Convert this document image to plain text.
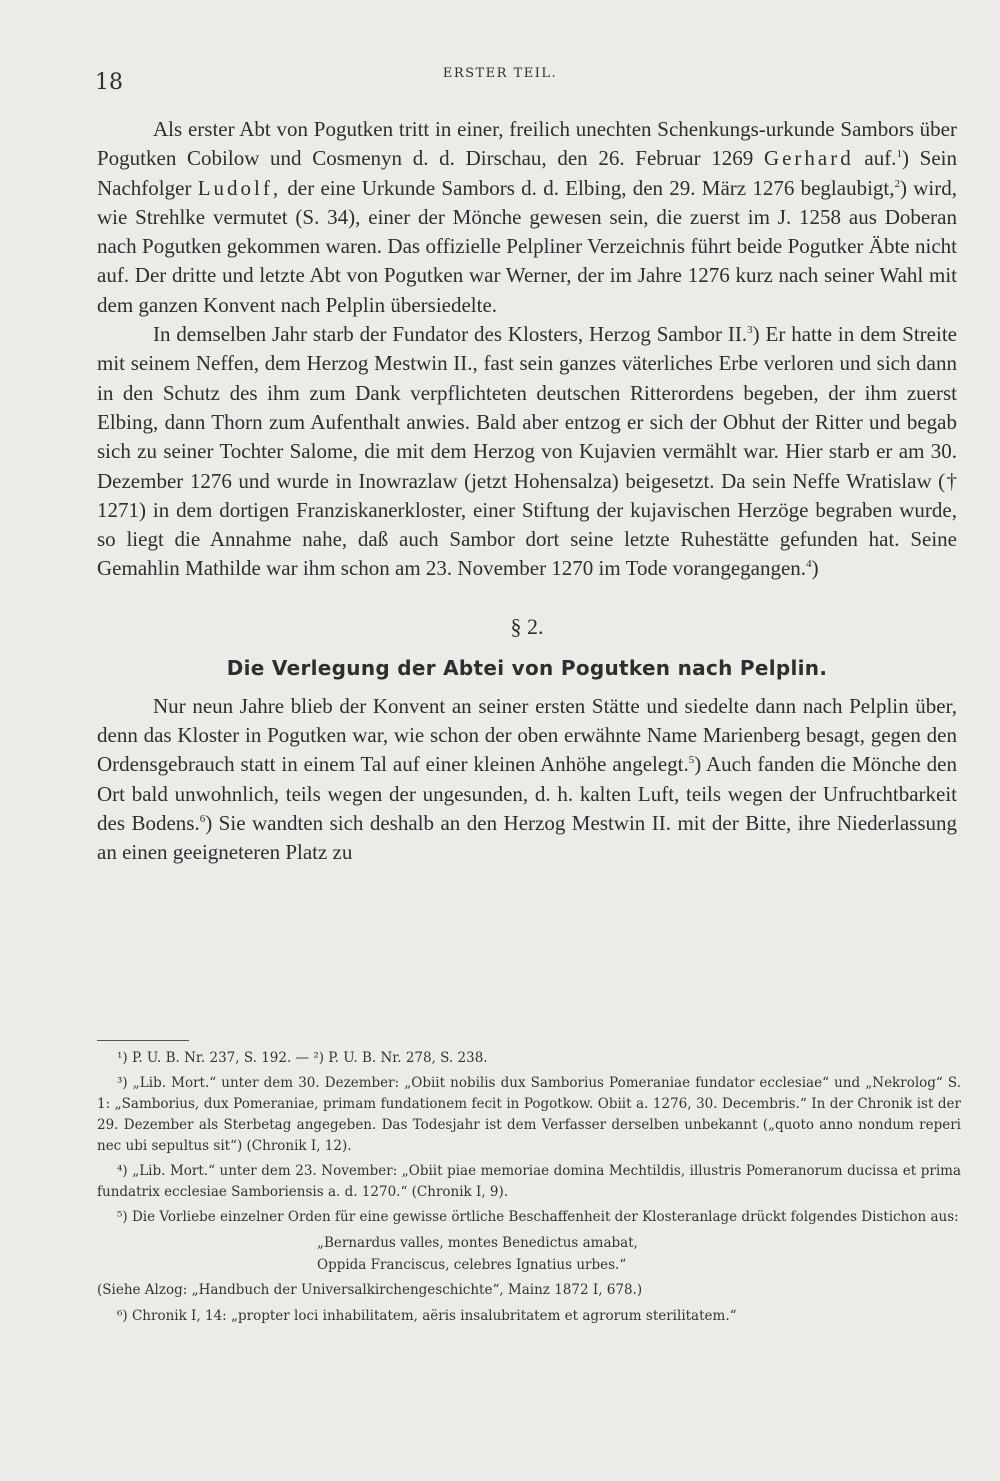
18	ERSTER TEIL.

Als erster Abt von Pogutken tritt in einer, freilich unechten Schenkungs-urkunde Sambors über Pogutken Cobilow und Cosmenyn d. d. Dirschau, den 26. Februar 1269 Gerhard auf.$^1$) Sein Nachfolger Ludolf, der eine Urkunde Sambors d. d. Elbing, den 29. März 1276 beglaubigt,$^2$) wird, wie Strehlke vermutet (S. 34), einer der Mönche gewesen sein, die zuerst im J. 1258 aus Doberan nach Pogutken gekommen waren. Das offizielle Pelpliner Verzeichnis führt beide Pogutker Äbte nicht auf. Der dritte und letzte Abt von Pogutken war Werner, der im Jahre 1276 kurz nach seiner Wahl mit dem ganzen Konvent nach Pelplin übersiedelte.

In demselben Jahr starb der Fundator des Klosters, Herzog Sambor II.$^3$) Er hatte in dem Streite mit seinem Neffen, dem Herzog Mestwin II., fast sein ganzes väterliches Erbe verloren und sich dann in den Schutz des ihm zum Dank verpflichteten deutschen Ritterordens begeben, der ihm zuerst Elbing, dann Thorn zum Aufenthalt anwies. Bald aber entzog er sich der Obhut der Ritter und begab sich zu seiner Tochter Salome, die mit dem Herzog von Kujavien vermählt war. Hier starb er am 30. Dezember 1276 und wurde in Inowrazlaw (jetzt Hohensalza) beigesetzt. Da sein Neffe Wratislaw († 1271) in dem dortigen Franziskanerkloster, einer Stiftung der kujavischen Herzöge begraben wurde, so liegt die Annahme nahe, daß auch Sambor dort seine letzte Ruhestätte gefunden hat. Seine Gemahlin Mathilde war ihm schon am 23. November 1270 im Tode vorangegangen.$^4$)

§ 2.
Die Verlegung der Abtei von Pogutken nach Pelplin.

Nur neun Jahre blieb der Konvent an seiner ersten Stätte und siedelte dann nach Pelplin über, denn das Kloster in Pogutken war, wie schon der oben erwähnte Name Marienberg besagt, gegen den Ordensgebrauch statt in einem Tal auf einer kleinen Anhöhe angelegt.$^5$) Auch fanden die Mönche den Ort bald unwohnlich, teils wegen der ungesunden, d. h. kalten Luft, teils wegen der Unfruchtbarkeit des Bodens.$^6$) Sie wandten sich deshalb an den Herzog Mestwin II. mit der Bitte, ihre Niederlassung an einen geeigneteren Platz zu

¹) P. U. B. Nr. 237, S. 192. — ²) P. U. B. Nr. 278, S. 238.

³) „Lib. Mort.“ unter dem 30. Dezember: „Obiit nobilis dux Samborius Pomeraniae fundator ecclesiae“ und „Nekrolog“ S. 1: „Samborius, dux Pomeraniae, primam fundationem fecit in Pogotkow. Obiit a. 1276, 30. Decembris.“ In der Chronik ist der 29. Dezember als Sterbetag angegeben. Das Todesjahr ist dem Verfasser derselben unbekannt („quoto anno nondum reperi nec ubi sepultus sit“) (Chronik I, 12).

⁴) „Lib. Mort.“ unter dem 23. November: „Obiit piae memoriae domina Mechtildis, illustris Pomeranorum ducissa et prima fundatrix ecclesiae Samboriensis a. d. 1270.“ (Chronik I, 9).

⁵) Die Vorliebe einzelner Orden für eine gewisse örtliche Beschaffenheit der Klosteranlage drückt folgendes Distichon aus:

„Bernardus valles, montes Benedictus amabat,

Oppida Franciscus, celebres Ignatius urbes.“

(Siehe Alzog: „Handbuch der Universalkirchengeschichte“, Mainz 1872 I, 678.)

⁶) Chronik I, 14: „propter loci inhabilitatem, aëris insalubritatem et agrorum sterilitatem.“
